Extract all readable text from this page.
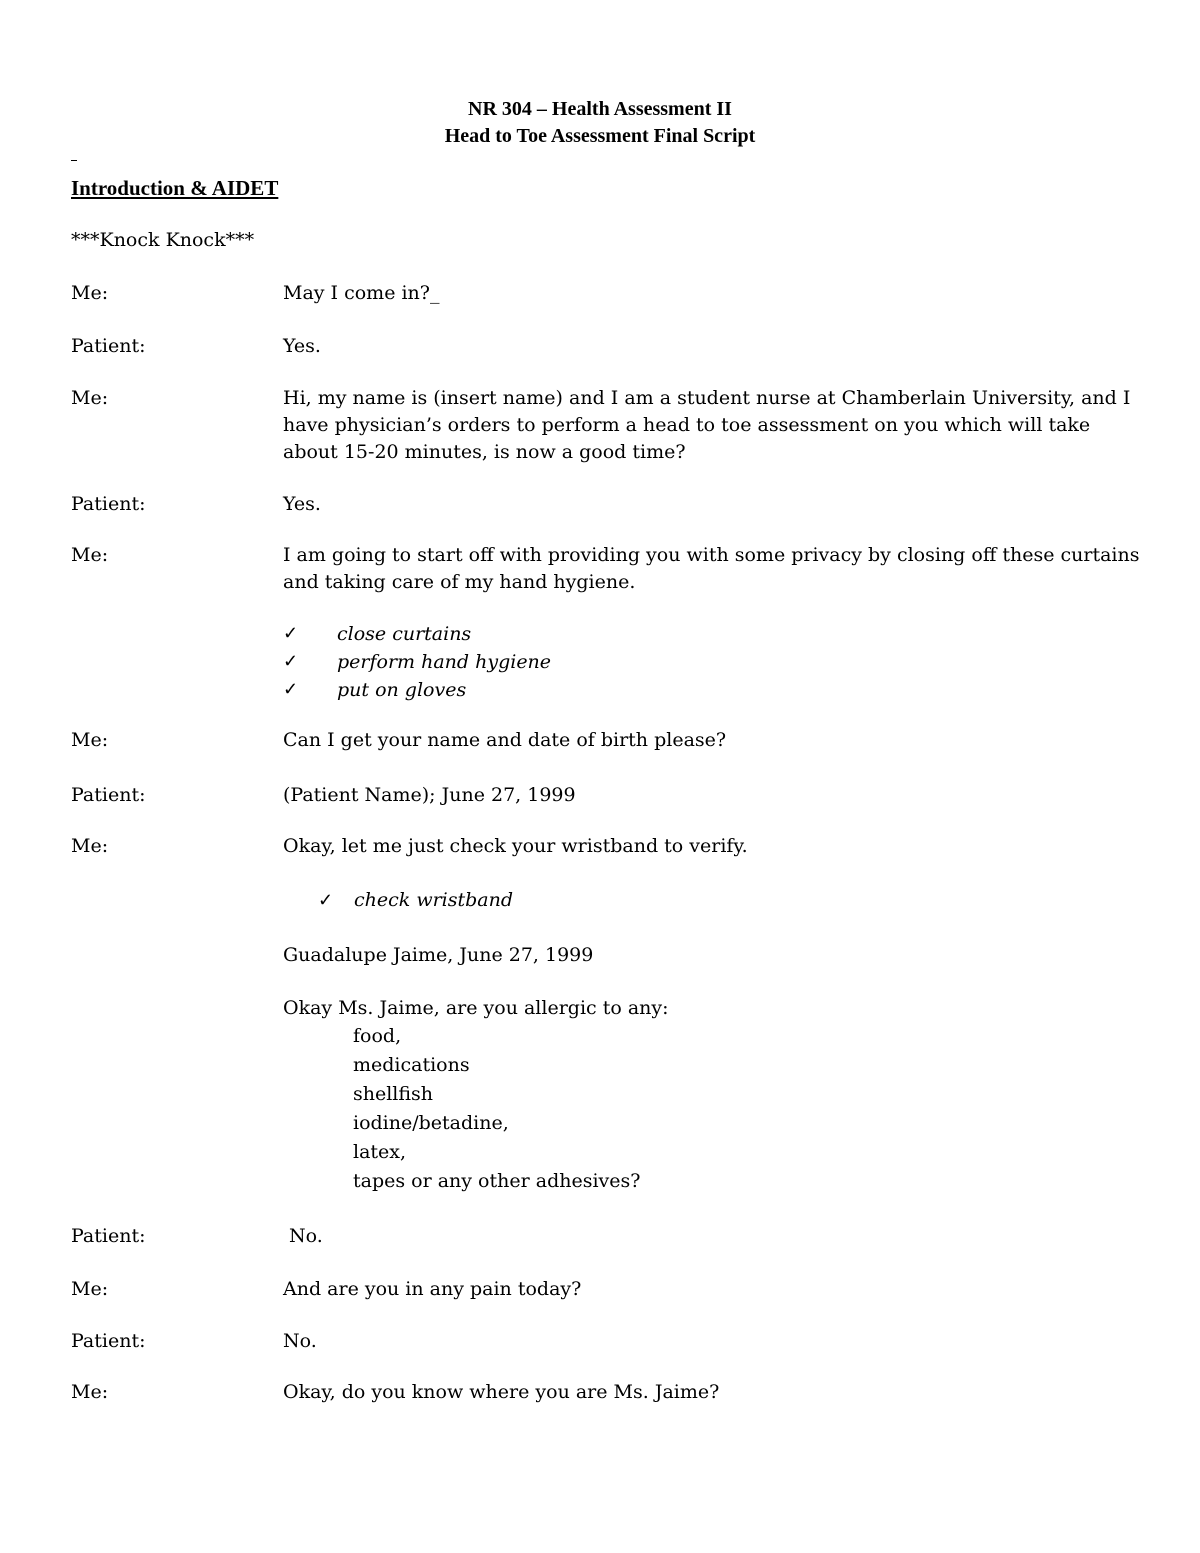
NR 304 – Health Assessment II
Head to Toe Assessment Final Script
Introduction & AIDET
***Knock Knock***
Me:	May I come in?_
Patient:	Yes.
Me:	Hi, my name is (insert name) and I am a student nurse at Chamberlain University, and I have physician’s orders to perform a head to toe assessment on you which will take about 15-20 minutes, is now a good time?
Patient:	Yes.
Me:	I am going to start off with providing you with some privacy by closing off these curtains and taking care of my hand hygiene.
✓ close curtains
✓ perform hand hygiene
✓ put on gloves
Me:	Can I get your name and date of birth please?
Patient:	(Patient Name); June 27, 1999
Me:	Okay, let me just check your wristband to verify.
✓ check wristband
Guadalupe Jaime, June 27, 1999
Okay Ms. Jaime, are you allergic to any:
food,
medications
shellfish
iodine/betadine,
latex,
tapes or any other adhesives?
Patient:	No.
Me:	And are you in any pain today?
Patient:	No.
Me:	Okay, do you know where you are Ms. Jaime?
